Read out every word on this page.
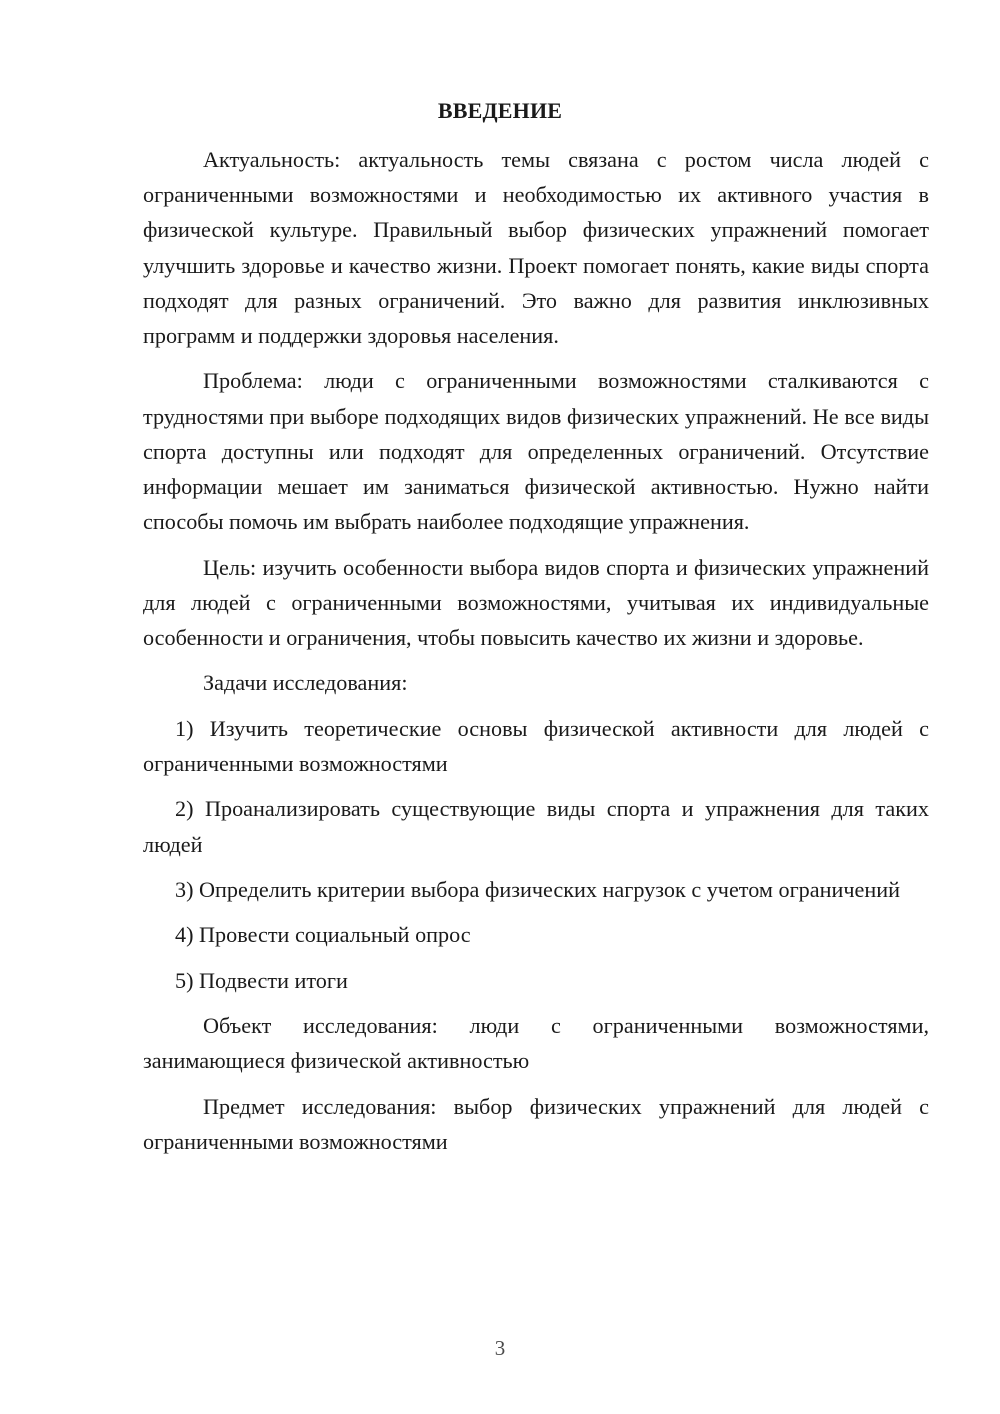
ВВЕДЕНИЕ

Актуальность: актуальность темы связана с ростом числа людей с ограниченными возможностями и необходимостью их активного участия в физической культуре. Правильный выбор физических упражнений помогает улучшить здоровье и качество жизни. Проект помогает понять, какие виды спорта подходят для разных ограничений. Это важно для развития инклюзивных программ и поддержки здоровья населения.

Проблема: люди с ограниченными возможностями сталкиваются с трудностями при выборе подходящих видов физических упражнений. Не все виды спорта доступны или подходят для определенных ограничений. Отсутствие информации мешает им заниматься физической активностью. Нужно найти способы помочь им выбрать наиболее подходящие упражнения.

Цель: изучить особенности выбора видов спорта и физических упражнений для людей с ограниченными возможностями, учитывая их индивидуальные особенности и ограничения, чтобы повысить качество их жизни и здоровье.

Задачи исследования:

1) Изучить теоретические основы физической активности для людей с ограниченными возможностями

2) Проанализировать существующие виды спорта и упражнения для таких людей

3) Определить критерии выбора физических нагрузок с учетом ограничений

4) Провести социальный опрос

5) Подвести итоги

Объект исследования: люди с ограниченными возможностями, занимающиеся физической активностью

Предмет исследования: выбор физических упражнений для людей с ограниченными возможностями

3
